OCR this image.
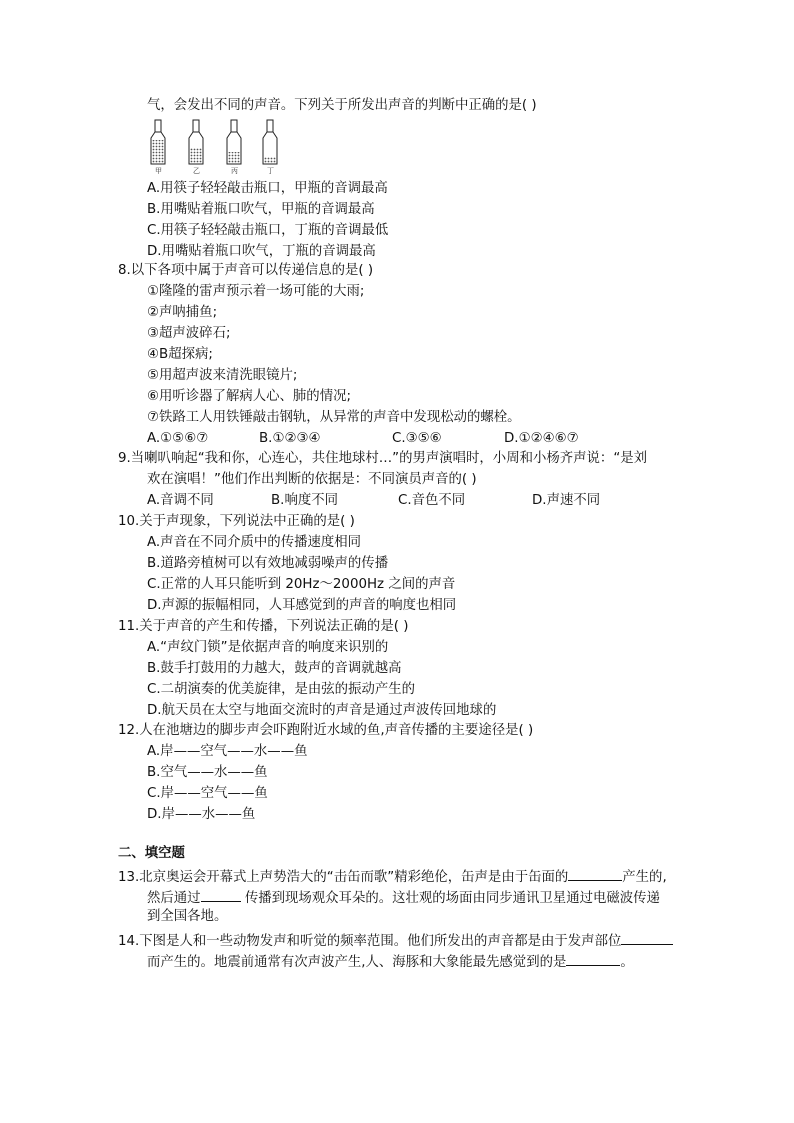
气，会发出不同的声音。下列关于所发出声音的判断中正确的是( )
甲	乙	丙	丁
A.用筷子轻轻敲击瓶口，甲瓶的音调最高
B.用嘴贴着瓶口吹气，甲瓶的音调最高
C.用筷子轻轻敲击瓶口，丁瓶的音调最低
D.用嘴贴着瓶口吹气，丁瓶的音调最高
8.以下各项中属于声音可以传递信息的是( )
①隆隆的雷声预示着一场可能的大雨;
②声呐捕鱼;
③超声波碎石;
④B超探病;
⑤用超声波来清洗眼镜片;
⑥用听诊器了解病人心、肺的情况;
⑦铁路工人用铁锤敲击钢轨，从异常的声音中发现松动的螺栓。
A.①⑤⑥⑦	B.①②③④	C.③⑤⑥	D.①②④⑥⑦
9.当喇叭响起“我和你，心连心，共住地球村…”的男声演唱时，小周和小杨齐声说：“是刘
欢在演唱！”他们作出判断的依据是：不同演员声音的( )
A.音调不同	B.响度不同	C.音色不同	D.声速不同
10.关于声现象，下列说法中正确的是( )
A.声音在不同介质中的传播速度相同
B.道路旁植树可以有效地减弱噪声的传播
C.正常的人耳只能听到 20Hz～2000Hz 之间的声音
D.声源的振幅相同，人耳感觉到的声音的响度也相同
11.关于声音的产生和传播，下列说法正确的是( )
A.“声纹门锁”是依据声音的响度来识别的
B.鼓手打鼓用的力越大，鼓声的音调就越高
C.二胡演奏的优美旋律，是由弦的振动产生的
D.航天员在太空与地面交流时的声音是通过声波传回地球的
12.人在池塘边的脚步声会吓跑附近水域的鱼,声音传播的主要途径是( )
A.岸——空气——水——鱼
B.空气——水——鱼
C.岸——空气——鱼
D.岸——水——鱼
二、填空题
13.北京奥运会开幕式上声势浩大的“击缶而歌”精彩绝伦，缶声是由于缶面的	产生的,
然后通过	传播到现场观众耳朵的。这壮观的场面由同步通讯卫星通过电磁波传递
到全国各地。
14.下图是人和一些动物发声和听觉的频率范围。他们所发出的声音都是由于发声部位
而产生的。地震前通常有次声波产生,人、海豚和大象能最先感觉到的是	。
